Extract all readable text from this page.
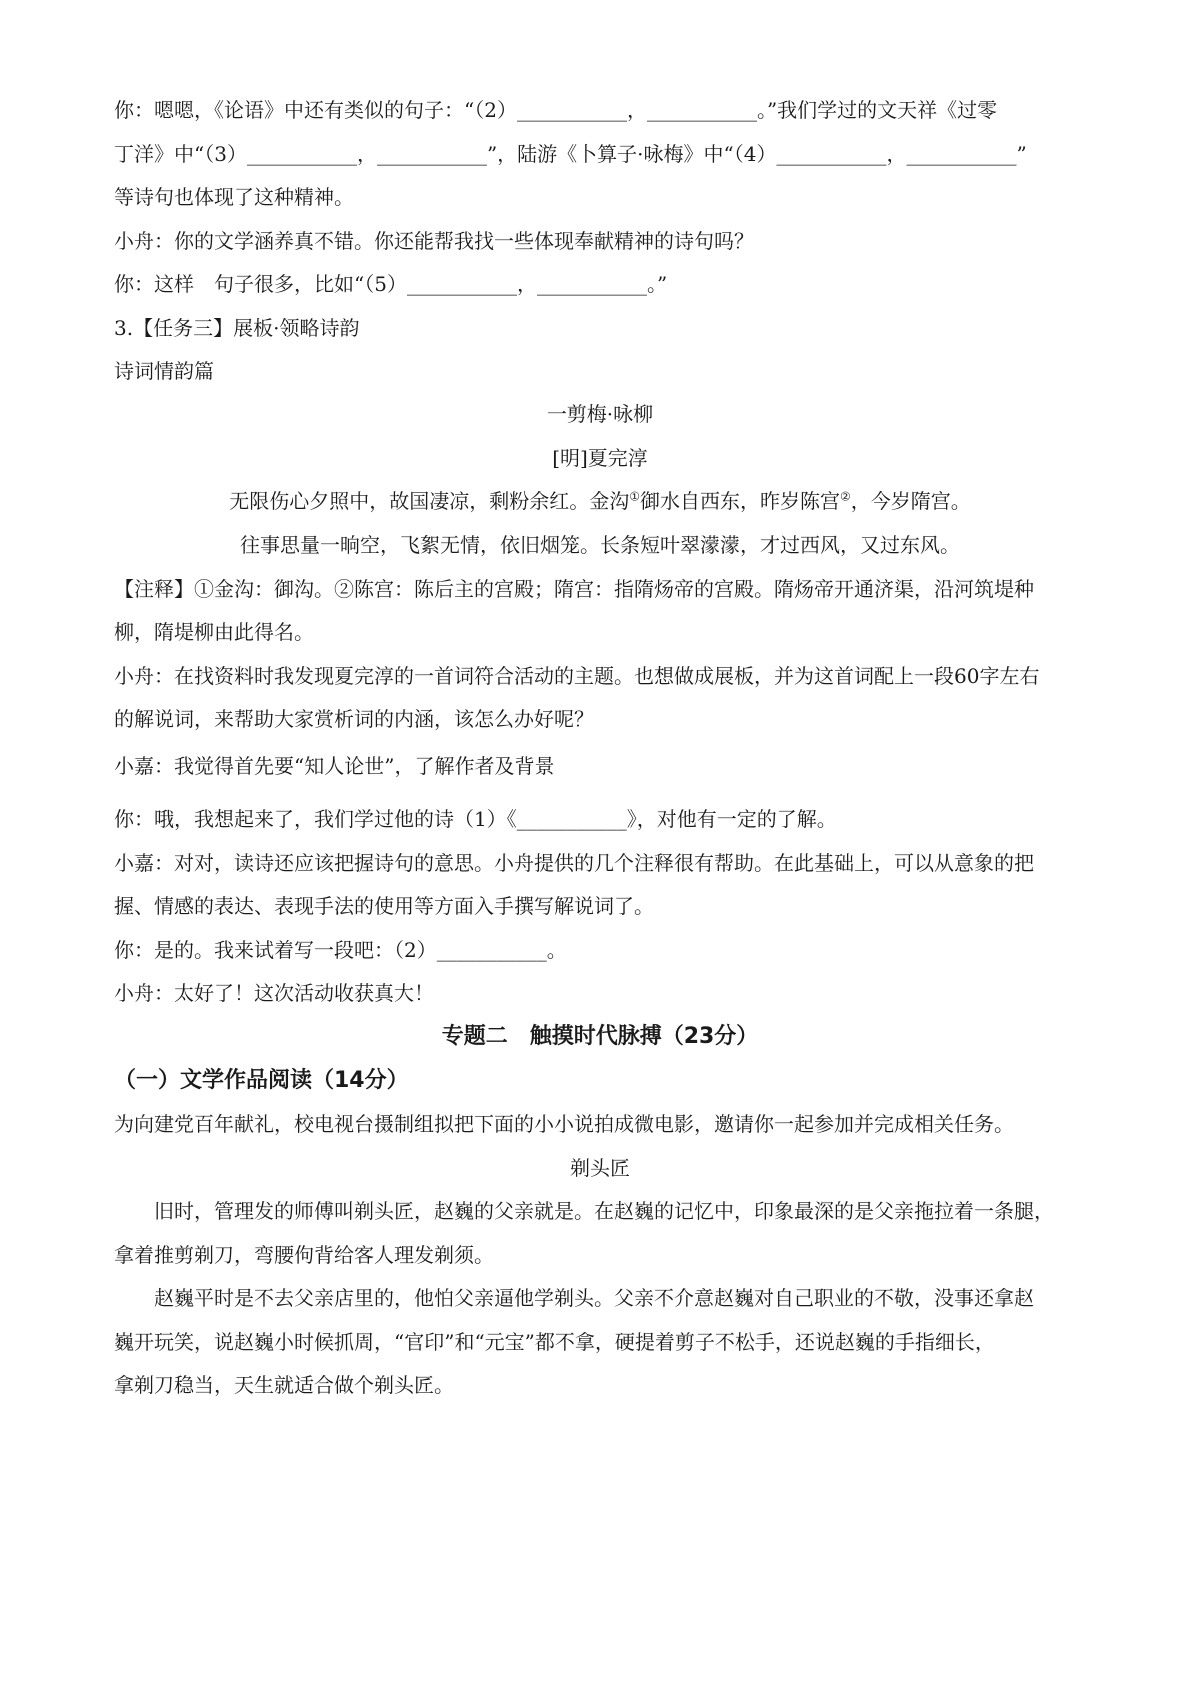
你：嗯嗯，《论语》中还有类似的句子：“（2）___________，___________。”我们学过的文天祥《过零
丁洋》中“（3）___________，___________”，陆游《卜算子·咏梅》中“（4）___________，___________”
等诗句也体现了这种精神。
小舟：你的文学涵养真不错。你还能帮我找一些体现奉献精神的诗句吗？
你：这样　句子很多，比如“（5）___________，___________。”
3.【任务三】展板·领略诗韵
诗词情韵篇
一剪梅·咏柳
[明]夏完淳
无限伤心夕照中，故国凄凉，剩粉余红。金沟①御水自西东，昨岁陈宫②，今岁隋宫。
往事思量一晌空，飞絮无情，依旧烟笼。长条短叶翠濛濛，才过西风，又过东风。
【注释】①金沟：御沟。②陈宫：陈后主的宫殿；隋宫：指隋炀帝的宫殿。隋炀帝开通济渠，沿河筑堤种
柳，隋堤柳由此得名。
小舟：在找资料时我发现夏完淳的一首词符合活动的主题。也想做成展板，并为这首词配上一段60字左右
的解说词，来帮助大家赏析词的内涵，该怎么办好呢？
小嘉：我觉得首先要“知人论世”，了解作者及背景
你：哦，我想起来了，我们学过他的诗（1）《___________》，对他有一定的了解。
小嘉：对对，读诗还应该把握诗句的意思。小舟提供的几个注释很有帮助。在此基础上，可以从意象的把
握、情感的表达、表现手法的使用等方面入手撰写解说词了。
你：是的。我来试着写一段吧：（2）___________。
小舟：太好了！这次活动收获真大！
专题二　触摸时代脉搏（23分）
（一）文学作品阅读（14分）
为向建党百年献礼，校电视台摄制组拟把下面的小小说拍成微电影，邀请你一起参加并完成相关任务。
剃头匠
旧时，管理发的师傅叫剃头匠，赵巍的父亲就是。在赵巍的记忆中，印象最深的是父亲拖拉着一条腿，
拿着推剪剃刀，弯腰佝背给客人理发剃须。
赵巍平时是不去父亲店里的，他怕父亲逼他学剃头。父亲不介意赵巍对自己职业的不敬，没事还拿赵
巍开玩笑，说赵巍小时候抓周，“官印”和“元宝”都不拿，硬提着剪子不松手，还说赵巍的手指细长，
拿剃刀稳当，天生就适合做个剃头匠。
